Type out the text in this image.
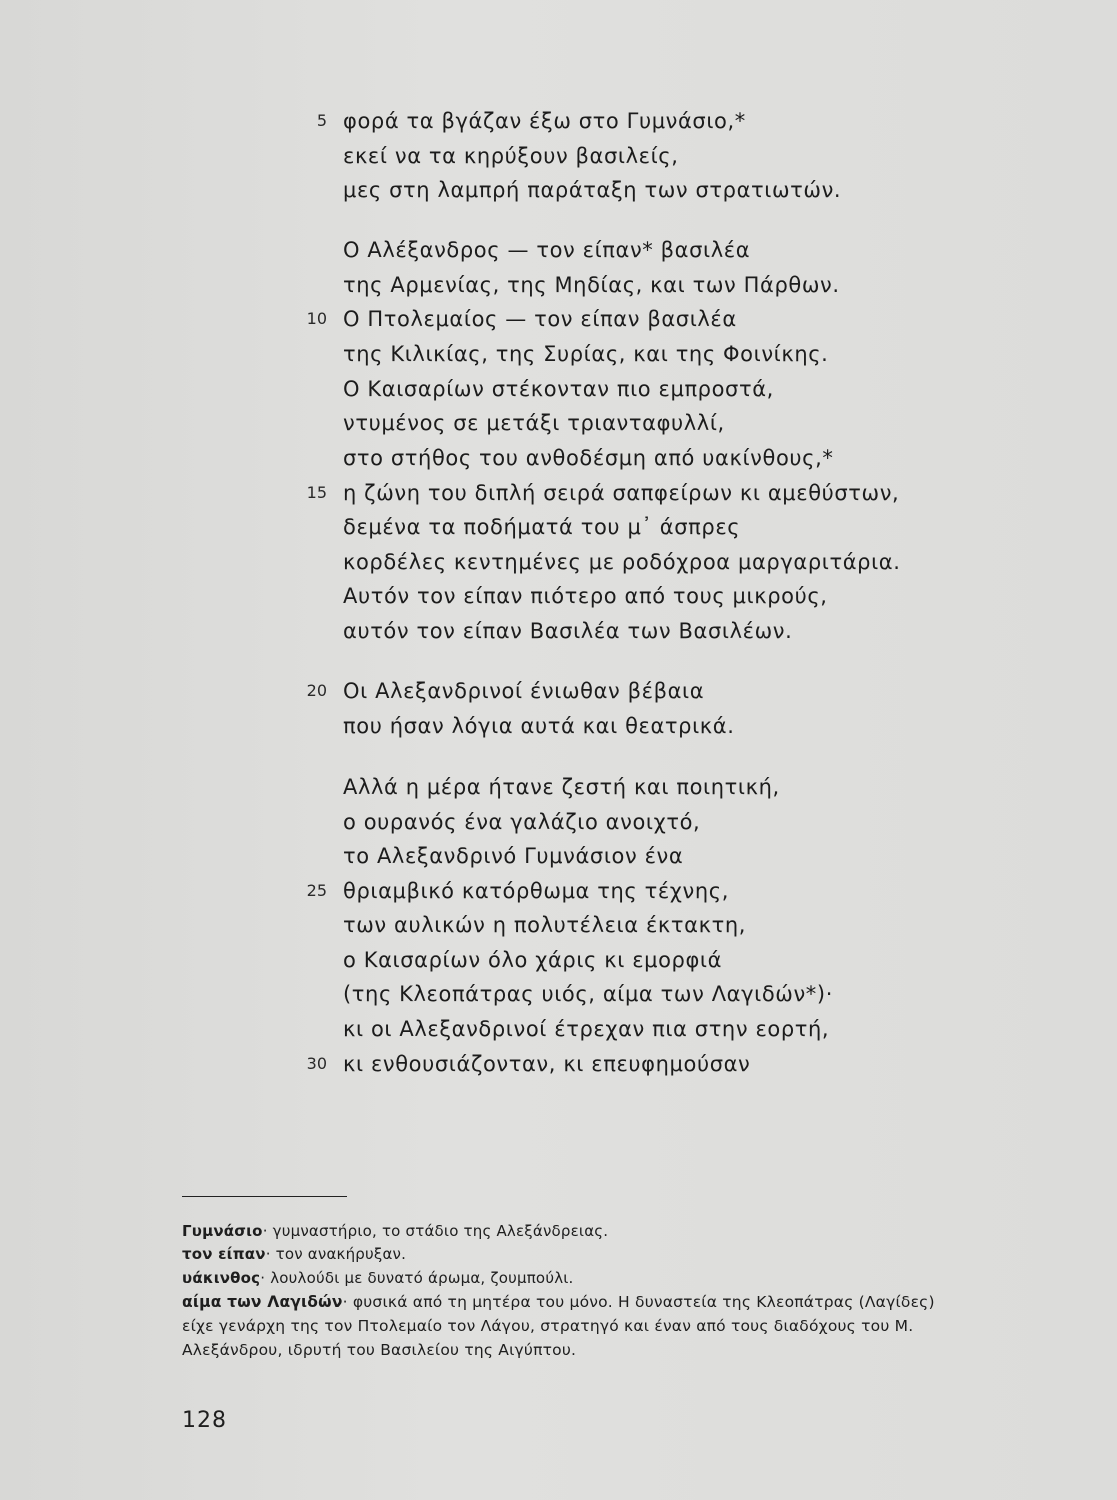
5 φορά τα βγάζαν έξω στο Γυμνάσιο,*
εκεί να τα κηρύξουν βασιλείς,
μες στη λαμπρή παράταξη των στρατιωτών.
Ο Αλέξανδρος — τον είπαν* βασιλέα
της Αρμενίας, της Μηδίας, και των Πάρθων.
10 Ο Πτολεμαίος — τον είπαν βασιλέα
της Κιλικίας, της Συρίας, και της Φοινίκης.
Ο Καισαρίων στέκονταν πιο εμπροστά,
ντυμένος σε μετάξι τριανταφυλλί,
στο στήθος του ανθοδέσμη από υακίνθους,*
15 η ζώνη του διπλή σειρά σαπφείρων κι αμεθύστων,
δεμένα τα ποδήματά του μ᾽ άσπρες
κορδέλες κεντημένες με ροδόχροα μαργαριτάρια.
Αυτόν τον είπαν πιότερο από τους μικρούς,
αυτόν τον είπαν Βασιλέα των Βασιλέων.
20 Οι Αλεξανδρινοί ένιωθαν βέβαια
που ήσαν λόγια αυτά και θεατρικά.
Αλλά η μέρα ήτανε ζεστή και ποιητική,
ο ουρανός ένα γαλάζιο ανοιχτό,
το Αλεξανδρινό Γυμνάσιον ένα
25 θριαμβικό κατόρθωμα της τέχνης,
των αυλικών η πολυτέλεια έκτακτη,
ο Καισαρίων όλο χάρις κι εμορφιά
(της Κλεοπάτρας υιός, αίμα των Λαγιδών*)·
κι οι Αλεξανδρινοί έτρεχαν πια στην εορτή,
30 κι ενθουσιάζονταν, κι επευφημούσαν
Γυμνάσιο· γυμναστήριο, το στάδιο της Αλεξάνδρειας.
τον είπαν· τον ανακήρυξαν.
υάκινθος· λουλούδι με δυνατό άρωμα, ζουμπούλι.
αίμα των Λαγιδών· φυσικά από τη μητέρα του μόνο. Η δυναστεία της Κλεοπάτρας (Λαγίδες)
είχε γενάρχη της τον Πτολεμαίο τον Λάγου, στρατηγό και έναν από τους διαδόχους του Μ.
Αλεξάνδρου, ιδρυτή του Βασιλείου της Αιγύπτου.
128
